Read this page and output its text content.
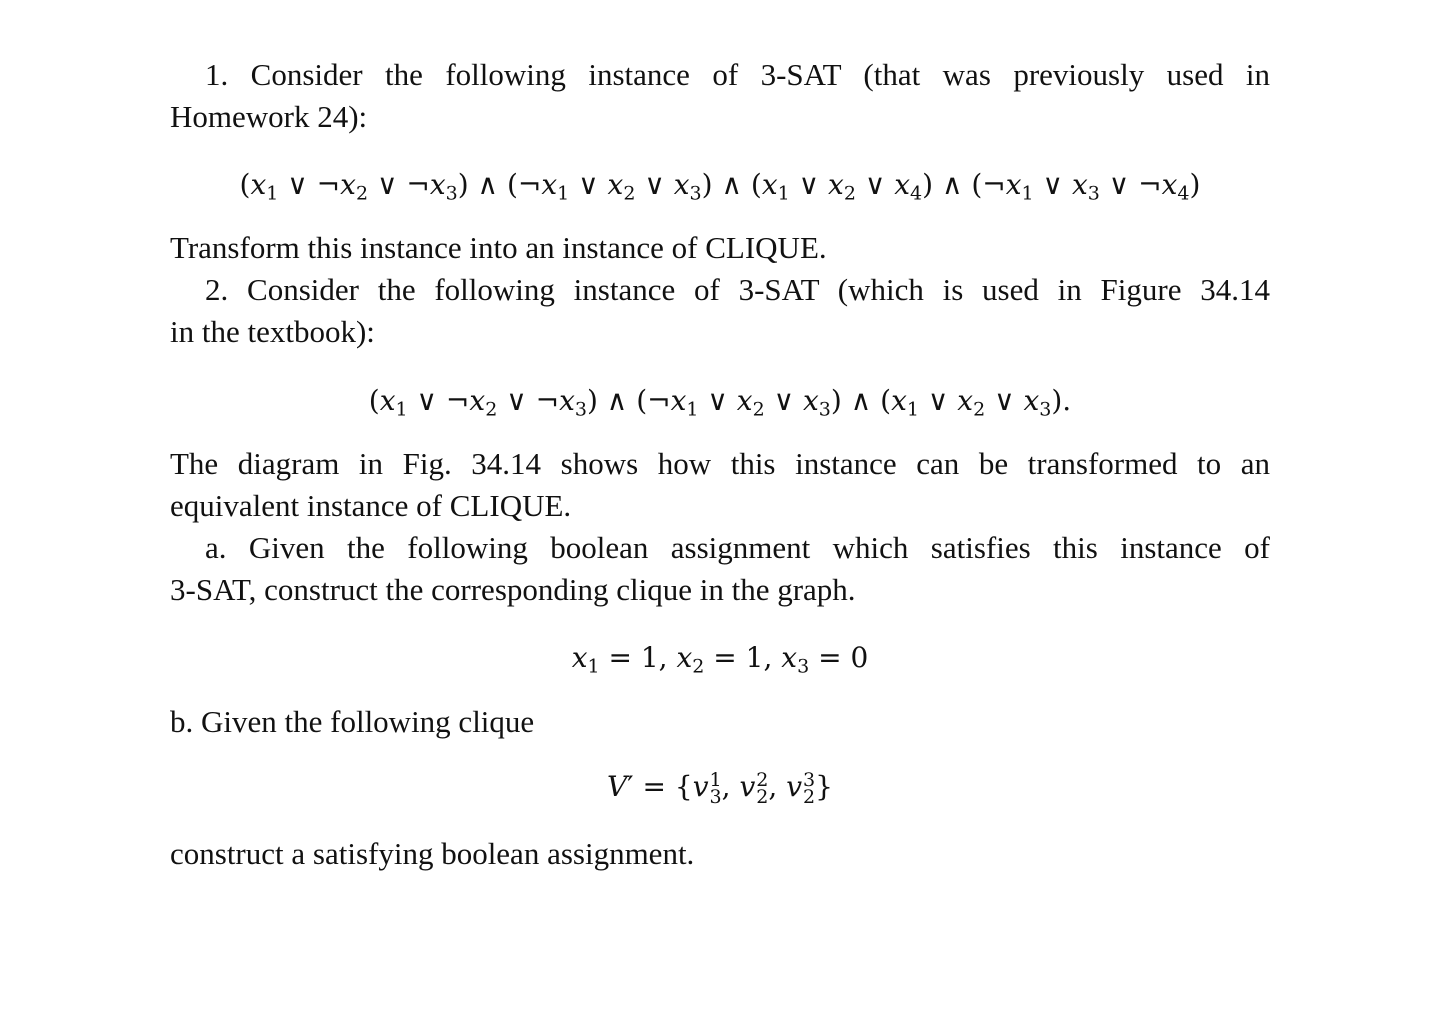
1. Consider the following instance of 3-SAT (that was previously used in
Homework 24):
($x_1$ ∨ $\neg x_2$ ∨ $\neg x_3$) ∧ ($\neg x_1$ ∨ $x_2$ ∨ $x_3$) ∧ ($x_1$ ∨ $x_2$ ∨ $x_4$) ∧ ($\neg x_1$ ∨ $x_3$ ∨ $\neg x_4$)
Transform this instance into an instance of CLIQUE.
2. Consider the following instance of 3-SAT (which is used in Figure 34.14
in the textbook):
($x_1$ ∨ $\neg x_2$ ∨ $\neg x_3$) ∧ ($\neg x_1$ ∨ $x_2$ ∨ $x_3$) ∧ ($x_1$ ∨ $x_2$ ∨ $x_3$).
The diagram in Fig. 34.14 shows how this instance can be transformed to an
equivalent instance of CLIQUE.
a. Given the following boolean assignment which satisfies this instance of
3-SAT, construct the corresponding clique in the graph.
$x_1 = 1$, $x_2 = 1$, $x_3 = 0$
b. Given the following clique
V′ = {v 1
3 , v 2
2 , v 3
2 }
construct a satisfying boolean assignment.
